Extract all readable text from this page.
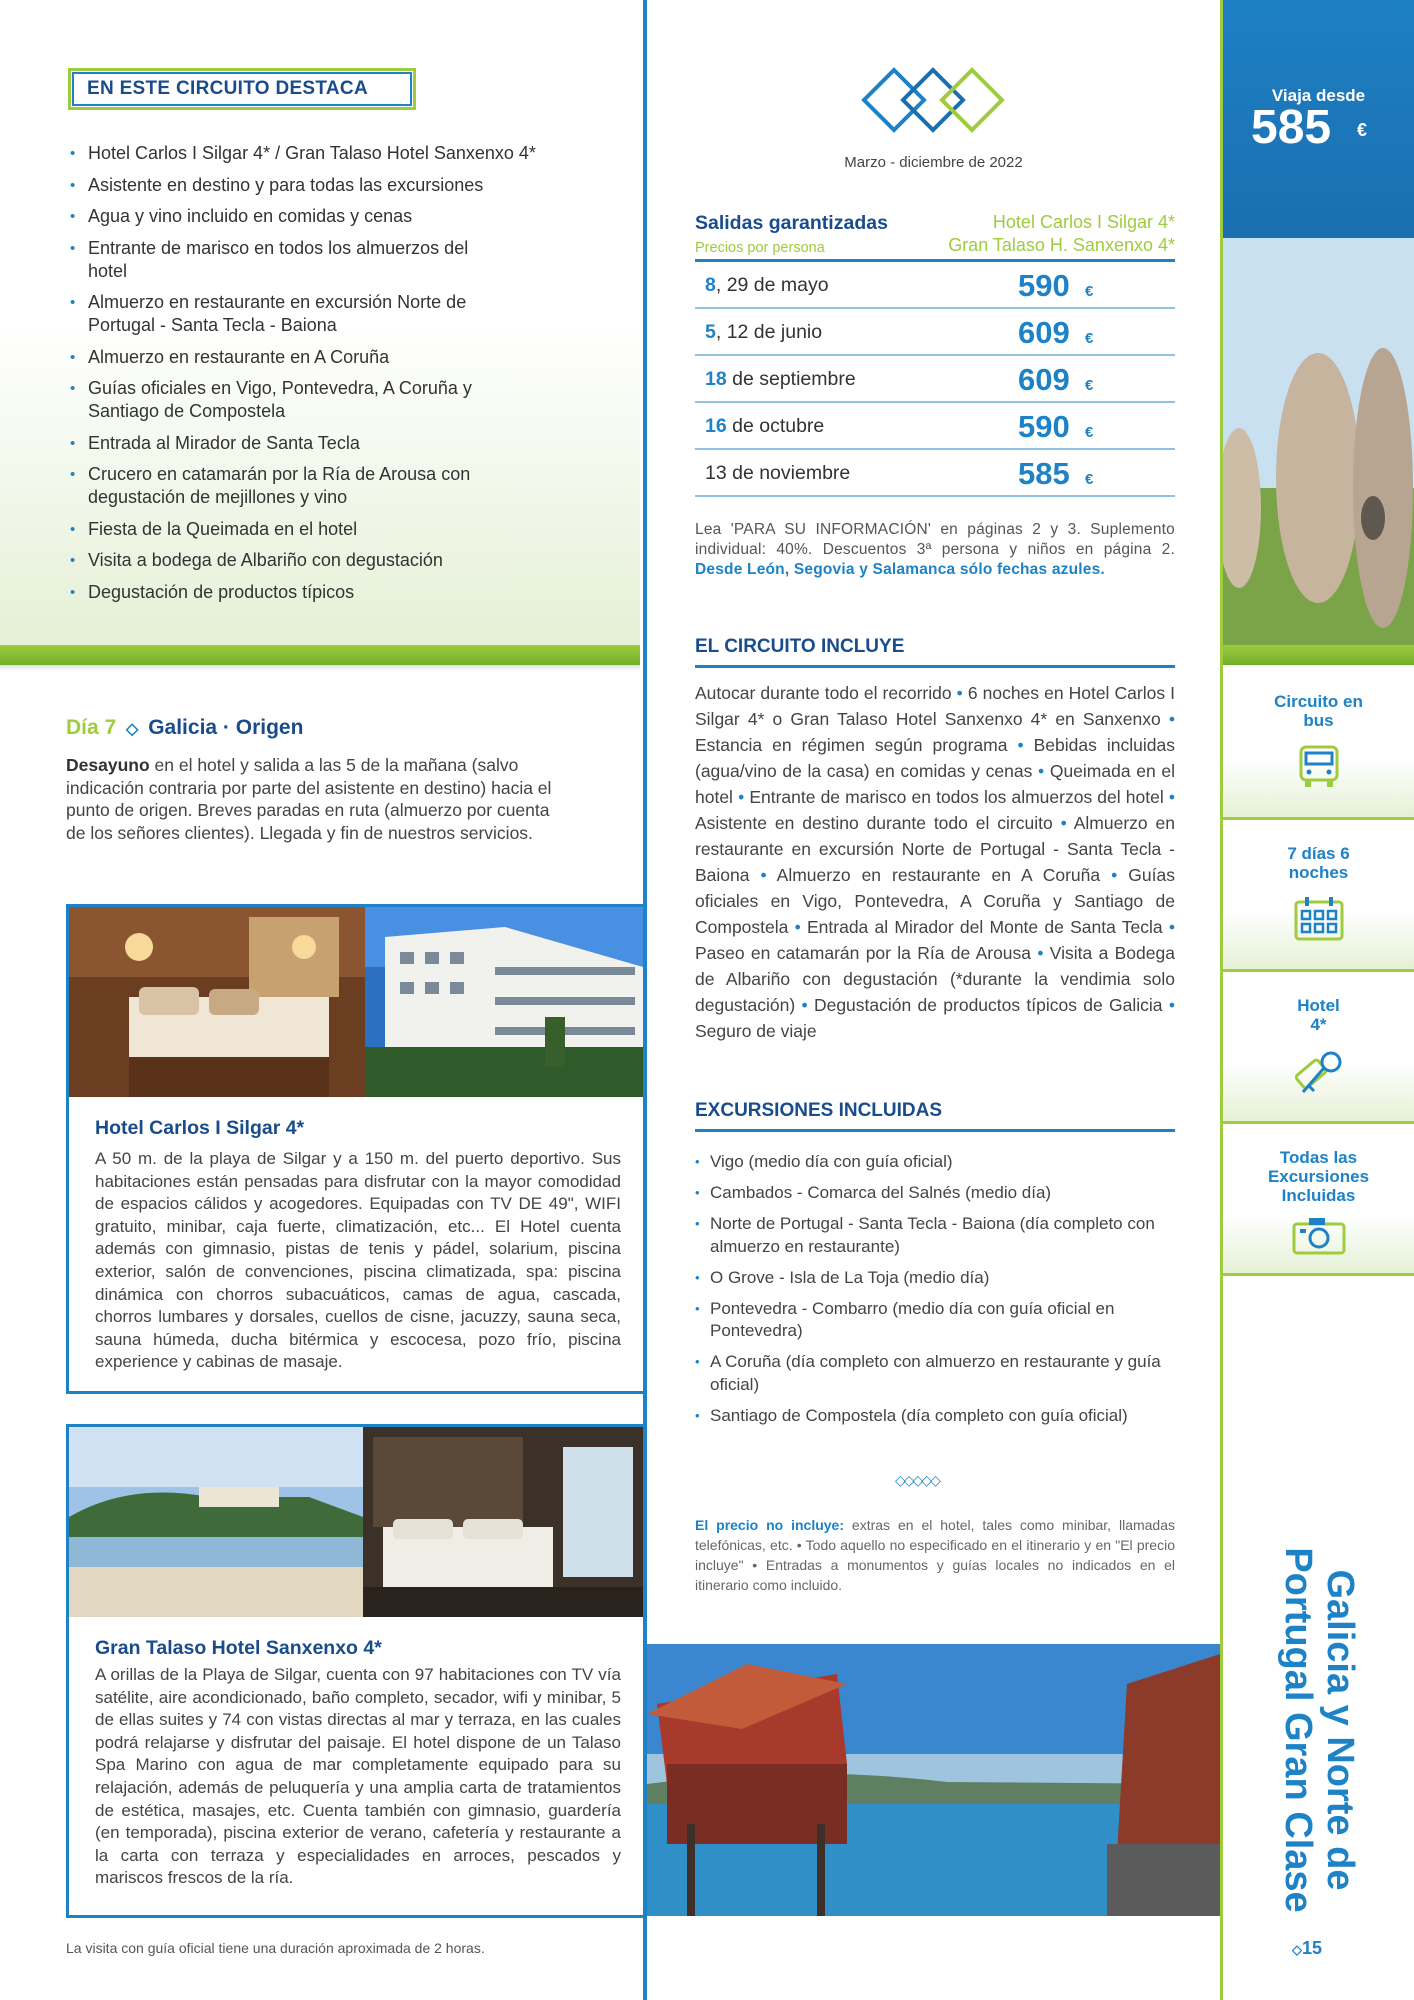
EN ESTE CIRCUITO DESTACA
• Hotel Carlos I Silgar 4* / Gran Talaso Hotel Sanxenxo 4*
• Asistente en destino y para todas las excursiones
• Agua y vino incluido en comidas y cenas
• Entrante de marisco en todos los almuerzos del hotel
• Almuerzo en restaurante en excursión Norte de Portugal - Santa Tecla - Baiona
• Almuerzo en restaurante en A Coruña
• Guías oficiales en Vigo, Pontevedra, A Coruña y Santiago de Compostela
• Entrada al Mirador de Santa Tecla
• Crucero en catamarán por la Ría de Arousa con degustación de mejillones y vino
• Fiesta de la Queimada en el hotel
• Visita a bodega de Albariño con degustación
• Degustación de productos típicos
Día 7 ◇ Galicia · Origen
Desayuno en el hotel y salida a las 5 de la mañana (salvo indicación contraria por parte del asistente en destino) hacia el punto de origen. Breves paradas en ruta (almuerzo por cuenta de los señores clientes). Llegada y fin de nuestros servicios.
Hotel Carlos I Silgar 4*
A 50 m. de la playa de Silgar y a 150 m. del puerto deportivo. Sus habitaciones están pensadas para disfrutar con la mayor comodidad de espacios cálidos y acogedores. Equipadas con TV DE 49", WIFI gratuito, minibar, caja fuerte, climatización, etc... El Hotel cuenta además con gimnasio, pistas de tenis y pádel, solarium, piscina exterior, salón de convenciones, piscina climatizada, spa: piscina dinámica con chorros subacuáticos, camas de agua, cascada, chorros lumbares y dorsales, cuellos de cisne, jacuzzy, sauna seca, sauna húmeda, ducha bitérmica y escocesa, pozo frío, piscina experience y cabinas de masaje.
Gran Talaso Hotel Sanxenxo 4*
A orillas de la Playa de Silgar, cuenta con 97 habitaciones con TV vía satélite, aire acondicionado, baño completo, secador, wifi y minibar, 5 de ellas suites y 74 con vistas directas al mar y terraza, en las cuales podrá relajarse y disfrutar del paisaje. El hotel dispone de un Talaso Spa Marino con agua de mar completamente equipado para su relajación, además de peluquería y una amplia carta de tratamientos de estética, masajes, etc. Cuenta también con gimnasio, guardería (en temporada), piscina exterior de verano, cafetería y restaurante a la carta con terraza y especialidades en arroces, pescados y mariscos frescos de la ría.
La visita con guía oficial tiene una duración aproximada de 2 horas.
Marzo - diciembre de 2022
Salidas garantizadas
Precios por persona
Hotel Carlos I Silgar 4*
Gran Talaso H. Sanxenxo 4*
8, 29 de mayo	590 €
5, 12 de junio	609 €
18 de septiembre	609 €
16 de octubre	590 €
13 de noviembre	585 €
Lea 'PARA SU INFORMACIÓN' en páginas 2 y 3. Suplemento individual: 40%. Descuentos 3ª persona y niños en página 2. Desde León, Segovia y Salamanca sólo fechas azules.
EL CIRCUITO INCLUYE
Autocar durante todo el recorrido • 6 noches en Hotel Carlos I Silgar 4* o Gran Talaso Hotel Sanxenxo 4* en Sanxenxo • Estancia en régimen según programa • Bebidas incluidas (agua/vino de la casa) en comidas y cenas • Queimada en el hotel • Entrante de marisco en todos los almuerzos del hotel • Asistente en destino durante todo el circuito • Almuerzo en restaurante en excursión Norte de Portugal - Santa Tecla - Baiona • Almuerzo en restaurante en A Coruña • Guías oficiales en Vigo, Pontevedra, A Coruña y Santiago de Compostela • Entrada al Mirador del Monte de Santa Tecla • Paseo en catamarán por la Ría de Arousa • Visita a Bodega de Albariño con degustación (*durante la vendimia solo degustación) • Degustación de productos típicos de Galicia • Seguro de viaje
EXCURSIONES INCLUIDAS
• Vigo (medio día con guía oficial)
• Cambados - Comarca del Salnés (medio día)
• Norte de Portugal - Santa Tecla - Baiona (día completo con almuerzo en restaurante)
• O Grove - Isla de La Toja (medio día)
• Pontevedra - Combarro (medio día con guía oficial en Pontevedra)
• A Coruña (día completo con almuerzo en restaurante y guía oficial)
• Santiago de Compostela (día completo con guía oficial)
◇◇◇◇◇
El precio no incluye: extras en el hotel, tales como minibar, llamadas telefónicas, etc. • Todo aquello no especificado en el itinerario y en "El precio incluye" • Entradas a monumentos y guías locales no indicados en el itinerario como incluido.
Viaja desde
585 €
Circuito en bus
7 días 6 noches
Hotel 4*
Todas las Excursiones Incluidas
Galicia y Norte de Portugal Gran Clase
◇15
